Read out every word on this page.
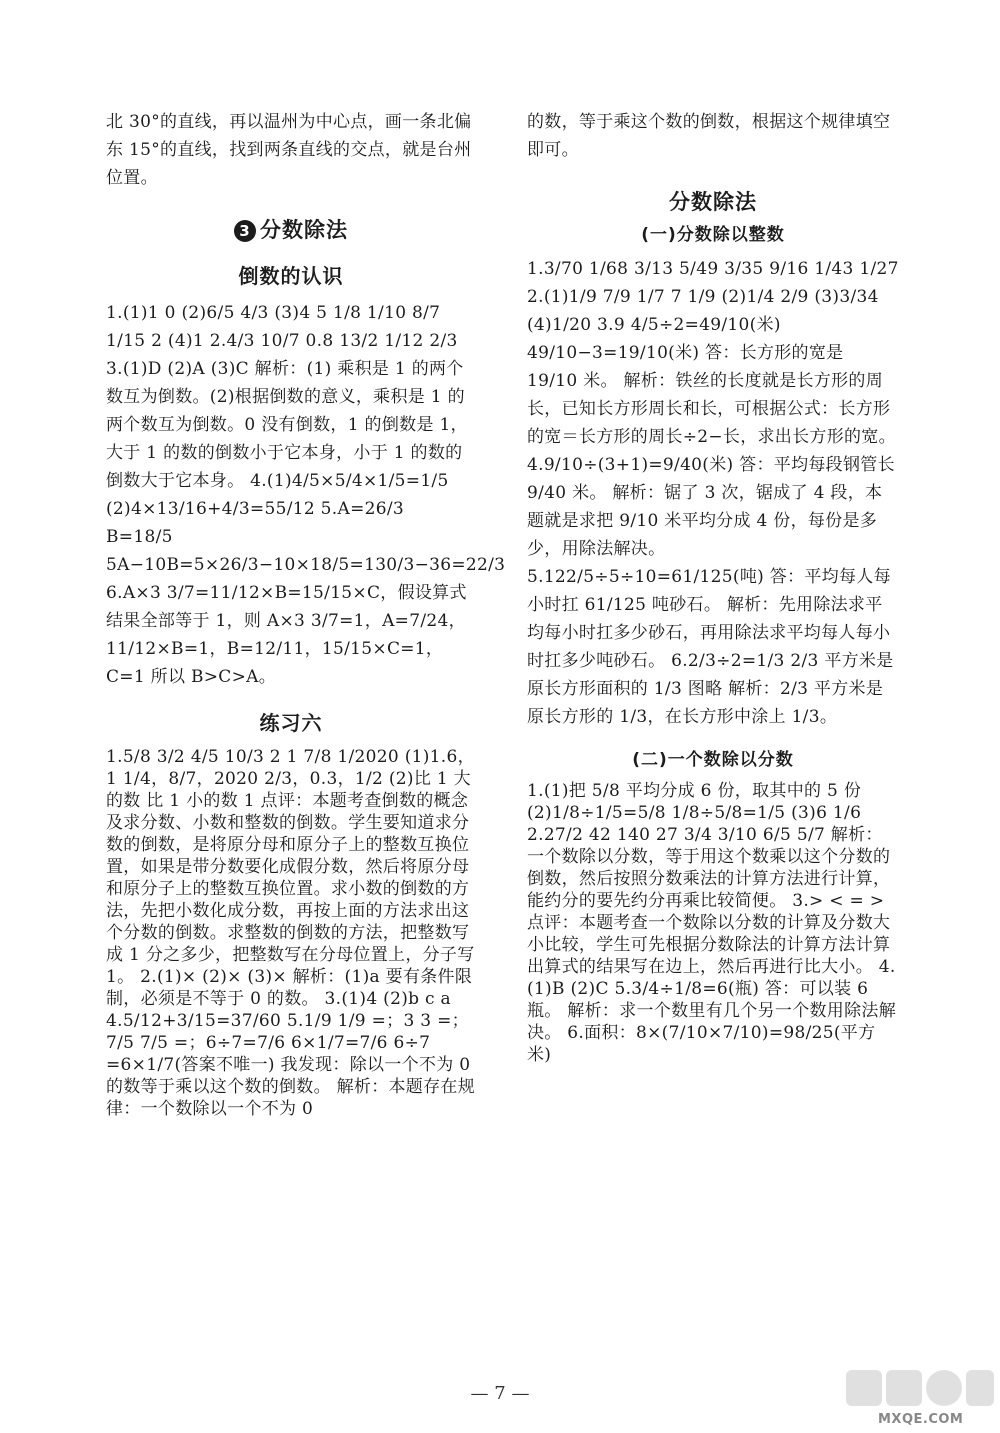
北 30°的直线，再以温州为中心点，画一条北偏东 15°的直线，找到两条直线的交点，就是台州位置。

3 分数除法
倒数的认识

1.(1)1 0 (2)6/5 4/3 (3)4 5 1/8 1/10 8/7 1/15 2 (4)1 2.4/3 10/7 0.8 13/2 1/12 2/3 3.(1)D (2)A (3)C 解析：(1) 乘积是 1 的两个数互为倒数。(2)根据倒数的意义，乘积是 1 的两个数互为倒数。0 没有倒数，1 的倒数是 1，大于 1 的数的倒数小于它本身，小于 1 的数的倒数大于它本身。 4.(1)4/5×5/4×1/5=1/5 (2)4×13/16+4/3=55/12 5.A=26/3 B=18/5 5A−10B=5×26/3−10×18/5=130/3−36=22/3 6.A×3 3/7=11/12×B=15/15×C，假设算式结果全部等于 1，则 A×3 3/7=1，A=7/24，11/12×B=1，B=12/11，15/15×C=1，C=1 所以 B>C>A。

练习六

1.5/8 3/2 4/5 10/3 2 1 7/8 1/2020 (1)1.6，1 1/4，8/7，2020 2/3，0.3，1/2 (2)比 1 大的数 比 1 小的数 1 点评：本题考查倒数的概念及求分数、小数和整数的倒数。学生要知道求分数的倒数，是将原分母和原分子上的整数互换位置，如果是带分数要化成假分数，然后将原分母和原分子上的整数互换位置。求小数的倒数的方法，先把小数化成分数，再按上面的方法求出这个分数的倒数。求整数的倒数的方法，把整数写成 1 分之多少，把整数写在分母位置上，分子写 1。 2.(1)× (2)× (3)× 解析：(1)a 要有条件限制，必须是不等于 0 的数。 3.(1)4 (2)b c a 4.5/12+3/15=37/60 5.1/9 1/9 =；3 3 =；7/5 7/5 =；6÷7=7/6 6×1/7=7/6 6÷7 =6×1/7(答案不唯一) 我发现：除以一个不为 0 的数等于乘以这个数的倒数。 解析：本题存在规律：一个数除以一个不为 0

的数，等于乘这个数的倒数，根据这个规律填空即可。

分数除法
(一)分数除以整数

1.3/70 1/68 3/13 5/49 3/35 9/16 1/43 1/27 2.(1)1/9 7/9 1/7 7 1/9 (2)1/4 2/9 (3)3/34 (4)1/20 3.9 4/5÷2=49/10(米) 49/10−3=19/10(米) 答：长方形的宽是 19/10 米。 解析：铁丝的长度就是长方形的周长，已知长方形周长和长，可根据公式：长方形的宽＝长方形的周长÷2−长，求出长方形的宽。 4.9/10÷(3+1)=9/40(米) 答：平均每段钢管长 9/40 米。 解析：锯了 3 次，锯成了 4 段，本题就是求把 9/10 米平均分成 4 份，每份是多少，用除法解决。 5.122/5÷5÷10=61/125(吨) 答：平均每人每小时扛 61/125 吨砂石。 解析：先用除法求平均每小时扛多少砂石，再用除法求平均每人每小时扛多少吨砂石。 6.2/3÷2=1/3 2/3 平方米是原长方形面积的 1/3 图略 解析：2/3 平方米是原长方形的 1/3，在长方形中涂上 1/3。

(二)一个数除以分数

1.(1)把 5/8 平均分成 6 份，取其中的 5 份 (2)1/8÷1/5=5/8 1/8÷5/8=1/5 (3)6 1/6 2.27/2 42 140 27 3/4 3/10 6/5 5/7 解析：一个数除以分数，等于用这个数乘以这个分数的倒数，然后按照分数乘法的计算方法进行计算，能约分的要先约分再乘比较简便。 3.> < = > 点评：本题考查一个数除以分数的计算及分数大小比较，学生可先根据分数除法的计算方法计算出算式的结果写在边上，然后再进行比大小。 4.(1)B (2)C 5.3/4÷1/8=6(瓶) 答：可以装 6 瓶。 解析：求一个数里有几个另一个数用除法解决。 6.面积：8×(7/10×7/10)=98/25(平方米)

— 7 —
MXQE.COM
